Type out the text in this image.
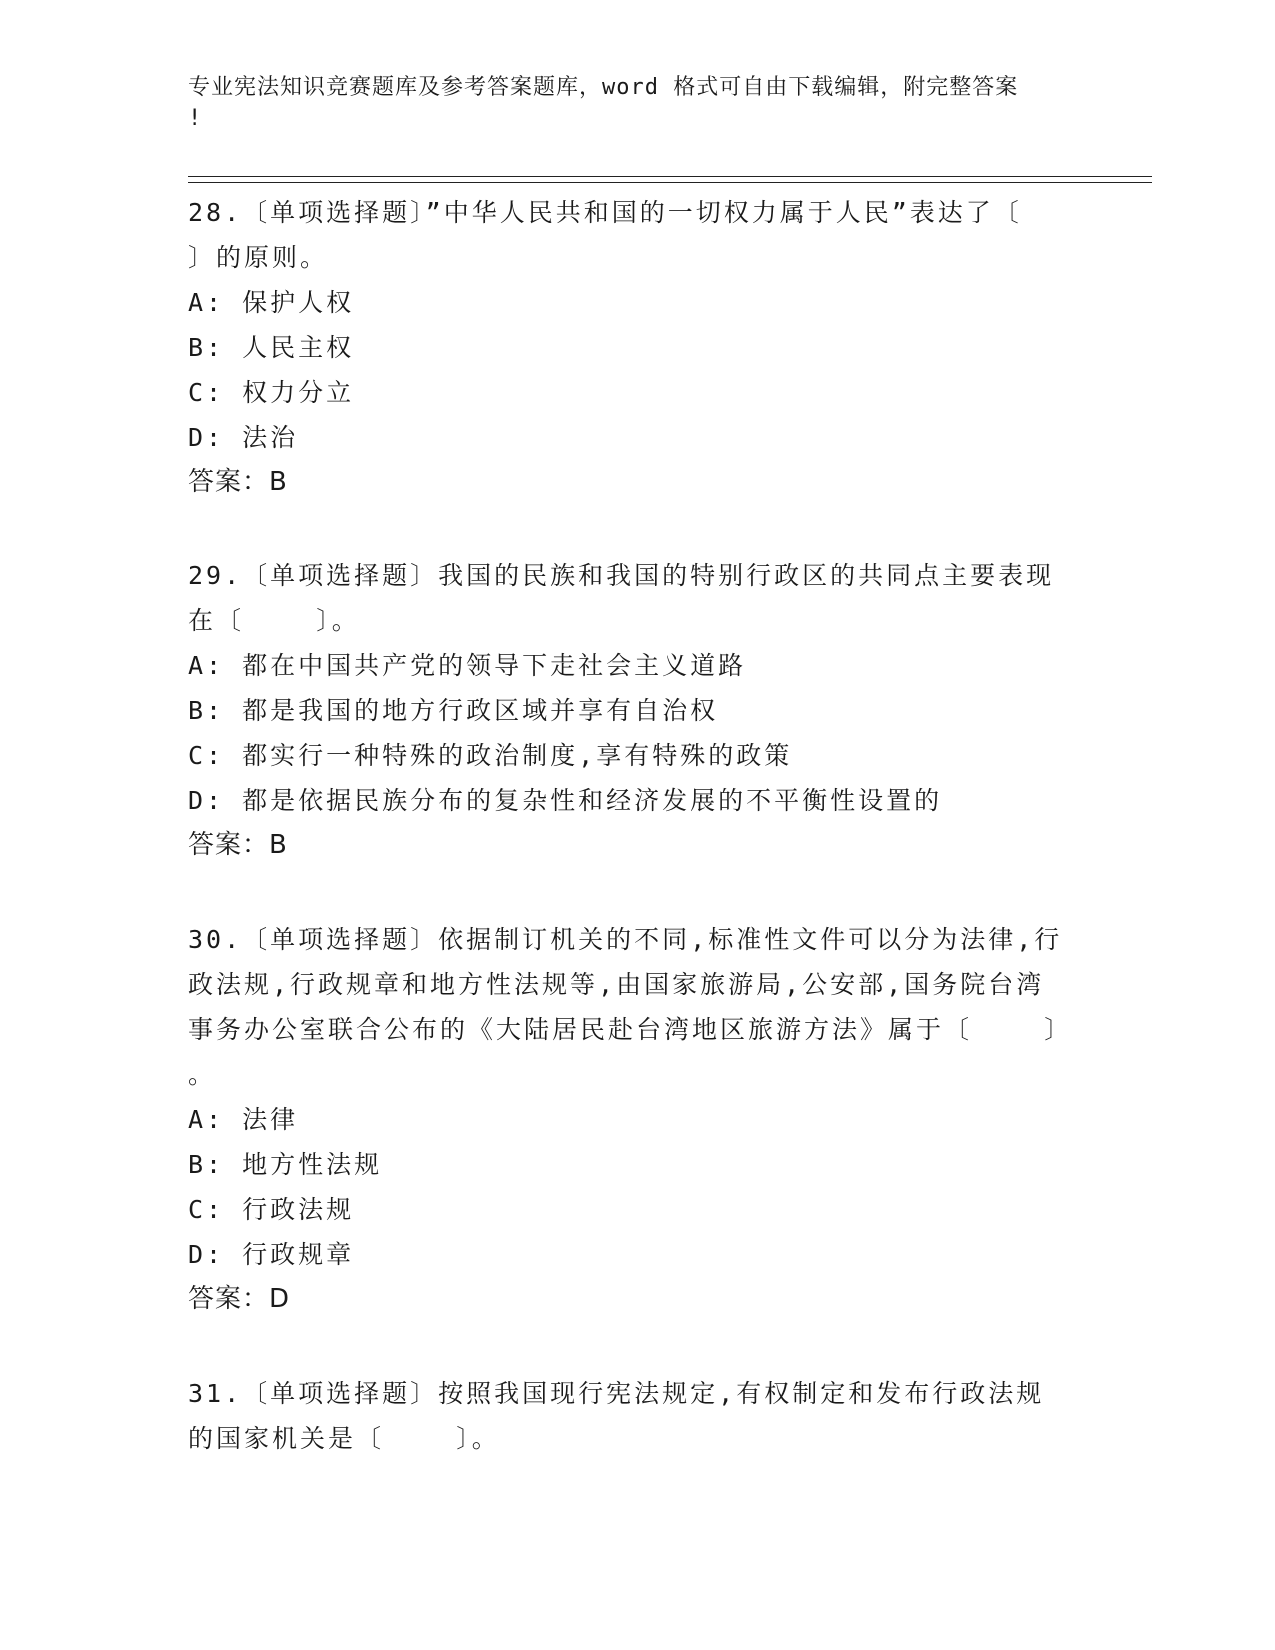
专业宪法知识竞赛题库及参考答案题库，word 格式可自由下载编辑，附完整答案
!

28.〔单项选择题〕”中华人民共和国的一切权力属于人民”表达了〔

〕的原则。

A: 保护人权

B: 人民主权

C: 权力分立

D: 法治

答案：B

29.〔单项选择题〕我国的民族和我国的特别行政区的共同点主要表现

在〔    〕。

A: 都在中国共产党的领导下走社会主义道路

B: 都是我国的地方行政区域并享有自治权

C: 都实行一种特殊的政治制度,享有特殊的政策

D: 都是依据民族分布的复杂性和经济发展的不平衡性设置的

答案：B

30.〔单项选择题〕依据制订机关的不同,标准性文件可以分为法律,行

政法规,行政规章和地方性法规等,由国家旅游局,公安部,国务院台湾

事务办公室联合公布的《大陆居民赴台湾地区旅游方法》属于〔    〕

。

A: 法律

B: 地方性法规

C: 行政法规

D: 行政规章

答案：D

31.〔单项选择题〕按照我国现行宪法规定,有权制定和发布行政法规

的国家机关是〔    〕。
